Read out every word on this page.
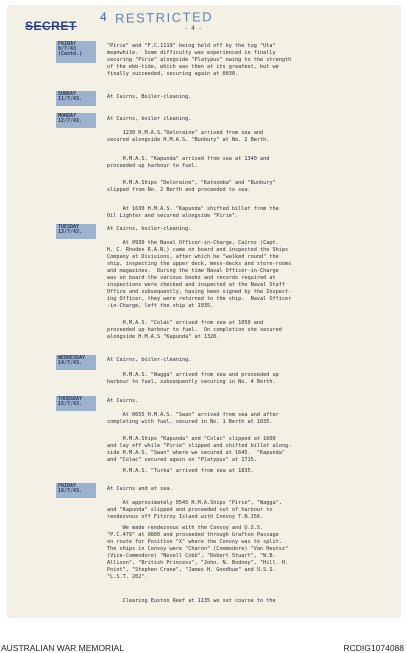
SECRET
4 RESTRICTED
- 4 -
FRIDAY 9/7/43 (Contd.)
SUNDAY 11/7/43.
MONDAY 12/7/43.
TUESDAY 13/7/43.
WEDNESDAY 14/7/43.
THURSDAY 15/7/43.
FRIDAY 16/7/43.
"Pirie" and "F.C.1119" being held off by the tug "Uta"
meanwhile.  Some difficulty was experienced in finally
securing "Pirie" alongside "Platypus" owing to the strength
of the ebb-tide, which was then at its greatest, but we
finally succeeded, securing again at 0030.
At Cairns, Boiler-cleaning.
At Cairns, boiler cleaning.
1230 H.M.A.S."Deloraine" arrived from sea and
secured alongside H.M.A.S. "Bunbury" at No. 2 Berth.
H.M.A.S. "Kapunda" arrived from sea at 1340 and
proceeded up harbour to fuel.
H.M.A.Ships "Deloraine", "Katoomba" and "Bunbury"
slipped from No. 2 Berth and proceeded to sea.
At 1630 H.M.A.S. "Kapunda" shifted billet from the
Oil Lighter and secured alongside "Pirie".
At Cairns, boiler-cleaning.
At 0930 the Naval Officer-in-Charge, Cairns (Capt.
H. C. Rhodes R.A.N.) came on board and inspected the Ships
Company at Divisions, after which he "walked round" the
ship, inspecting the upper deck, mess-decks and store-rooms
and magazines.  During the time Naval Officer-in-Charge
was on board the various books and records required at
inspections were checked and inspected at the Naval Staff
Office and subsequently, having been signed by the Inspect-
ing Officer, they were returned to the ship.  Naval Officer
-in-Charge, left the ship at 1035.
H.M.A.S. "Colac" arrived from sea at 1050 and
proceeded up harbour to fuel.  On completion she secured
alongside H.M.A.S "Kapunda" at 1320.
At Cairns, boiler-cleaning.
H.M.A.S. "Wagga" arrived from sea and proceeded up
harbour to fuel, subsequently securing in No. 4 Berth.
At Cairns.
At 0655 H.M.A.S. "Swan" arrived from sea and after
completing with fuel, secured in No. 1 Berth at 1035.
H.M.A.Ships "Kapunda" and "Colac" slipped at 1600
and lay off while "Pirie" slipped and shifted billet along-
side H.M.A.S. "Swan" where we secured at 1645.  "Kapunda"
and "Colac" secured again on "Platypus" at 1715.
H.M.A.S. "Turka" arrived from sea at 1835.
At Cairns and at sea.
At approximately 0545 H.M.A.Ships "Pirie", "Wagga",
and "Kapunda" slipped and proceeded out of harbour to
rendezvous off Fitzroy Island with Convoy T.N.156.
We made rendezvous with the Convoy and U.S.S.
"P.C.479" at 0800 and proceeded through Grafton Passage
on route for Position "X" where the Convoy was to split.
The ships in Convoy were "Charon" (Commodore) "Van Heutsz"
(Vice-Commodore) "Nevell Cobb", "Robert Stuart", "W.B.
Allison", "British Princess", "John. N. Bodney", "Hill. H.
Point", "Stephen Crane", "James H. Goodhue" and U.S.S.
"L.S.T. 202".
Clearing Euston Reef at 1135 we set course to the
AUSTRALIAN WAR MEMORIAL	RCDIG1074088
